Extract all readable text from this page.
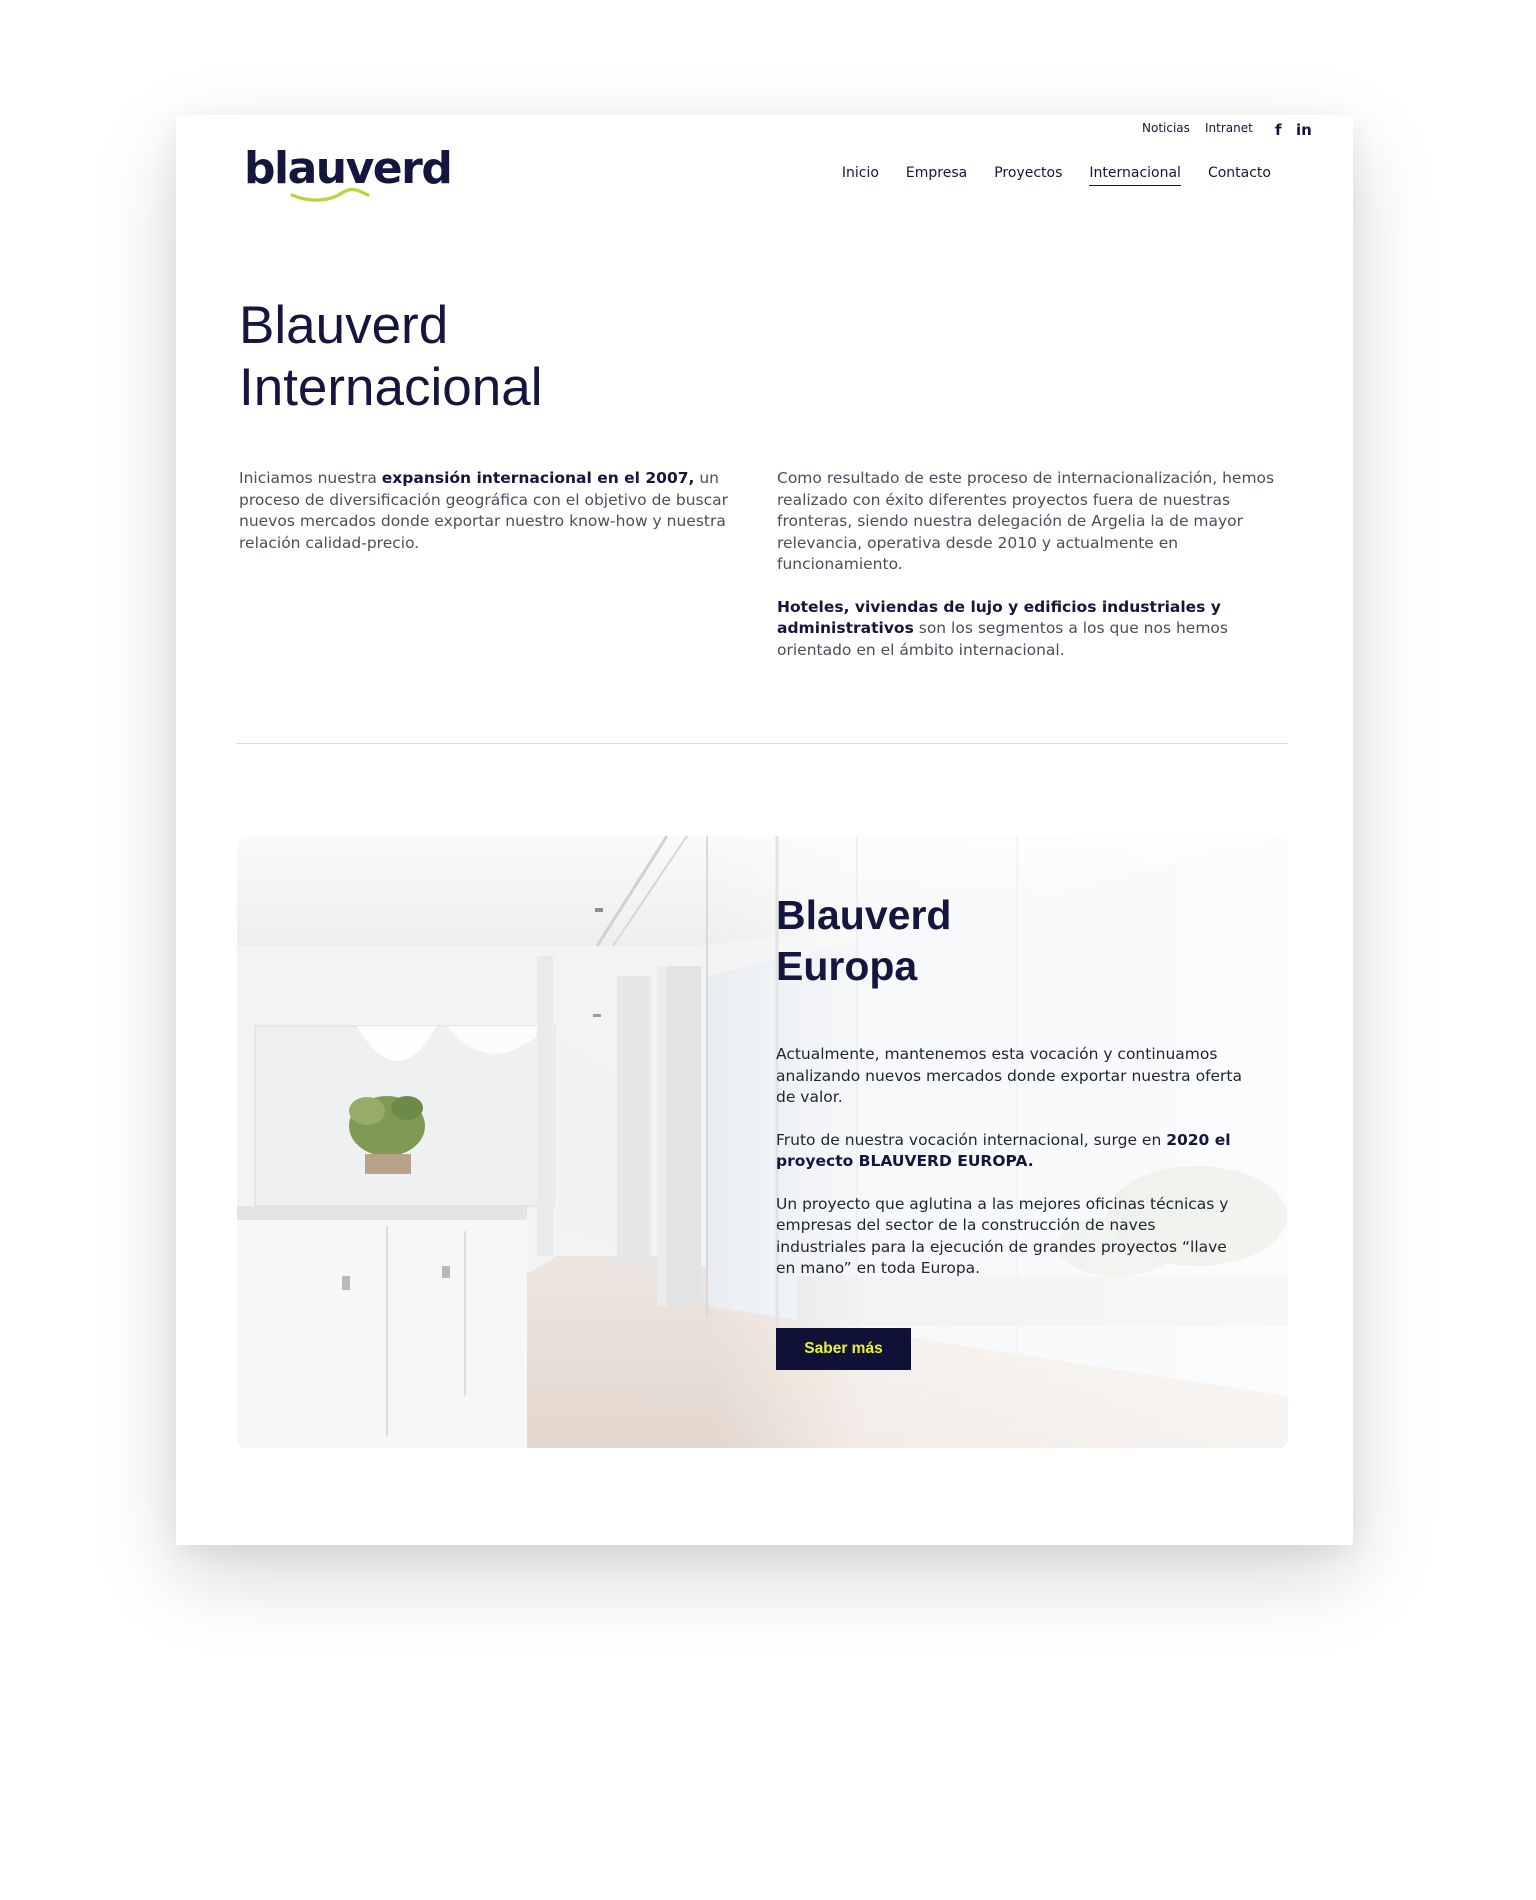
blauverd
Noticias Intranet f in
Inicio Empresa Proyectos Internacional Contacto
Blauverd
Internacional

Iniciamos nuestra expansión internacional en el 2007, un proceso de diversificación geográfica con el objetivo de buscar nuevos mercados donde exportar nuestro know-how y nuestra relación calidad-precio.

Como resultado de este proceso de internacionalización, hemos realizado con éxito diferentes proyectos fuera de nuestras fronteras, siendo nuestra delegación de Argelia la de mayor relevancia, operativa desde 2010 y actualmente en funcionamiento.

Hoteles, viviendas de lujo y edificios industriales y administrativos son los segmentos a los que nos hemos orientado en el ámbito internacional.

Blauverd
Europa

Actualmente, mantenemos esta vocación y continuamos analizando nuevos mercados donde exportar nuestra oferta de valor.

Fruto de nuestra vocación internacional, surge en 2020 el proyecto BLAUVERD EUROPA.

Un proyecto que aglutina a las mejores oficinas técnicas y empresas del sector de la construcción de naves industriales para la ejecución de grandes proyectos “llave en mano” en toda Europa.

Saber más
